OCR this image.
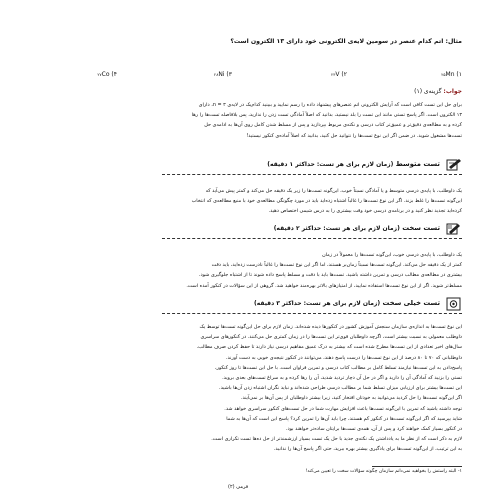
مثال: اتم کدام عنصر در سومین لایه‌ی الکترونی خود دارای ۱۳ الکترون است؟
۲۵Mn (۱
۲۳V (۲
۲۸Ni (۳
۲۷Co (۴
جواب: گزینه‌ی (۱)
برای حل این تست کافی است که آرایش الکترونی اتم عنصرهای پیشنهاد داده را رسم نمایید و ببینید کدام‌یک در لایه‌ی ۳ = n، دارای
۱۳ الکترون است. اگر پاسخ تستی مانند این تست را بلد نیستید، بدانید که اصلاً آمادگی تست زدن را ندارید، پس بلافاصله تست‌ها را رها
کرده و به مطالعه‌ی دقیق‌تر و عمیق‌تر کتاب درسی و نکته‌ی مربوط بپردازید و پس از مسلط شدن کامل روی آن‌ها به ادامه‌ی حل
تست‌ها مشغول شوید. در ضمن اگر این نوع تست‌ها را نتوانید حل کنید، بدانید که اصلاً آماده‌ی کنکور نیستید!
تست متوسط (زمان لازم برای هر تست: حداکثر ۱ دقیقه)
یک داوطلب، با پایه‌ی درسی متوسط و یا آمادگی نسبتاً خوب، این‌گونه تست‌ها را زیر یک دقیقه حل می‌کند و کمتر پیش می‌آید که
این‌گونه تست‌ها را غلط بزند. اگر این نوع تست‌ها را غالباً اشتباه زده‌اید باید در مورد چگونگی مطالعه‌ی خود با منبع مطالعه‌ی که انتخاب
کرده‌اید تجدید نظر کنید و در برنامه‌ی درسی خود وقت بیشتری را به درس شیمی اختصاص دهید.
تست سخت (زمان لازم برای هر تست: حداکثر ۲ دقیقه)
یک داوطلب، با پایه‌ی درسی خوب، این‌گونه تست‌ها را معمولاً در زمان
کمتر از یک دقیقه حل می‌کند. این‌گونه تست‌ها نسبتاً زمان‌بر هستند، اما اگر این نوع تست‌ها را غالباً نادرست زده‌اید، باید دقت
بیشتری در مطالعه‌ی مطالب درسی و تمرین داشته باشید. تست‌ها باید با دقت و مسلط پاسخ داده شوند تا از اشتباه جلوگیری شود.
مسلط‌تر شوید. اگر از این نوع تست‌ها استفاده نمایید، از امتیازهای بالاتر بهره‌مند خواهید شد. گروهی از این سؤالات در کنکور آمده است.
تست خیلی سخت (زمان لازم برای هر تست: حداکثر ۳ دقیقه)
این نوع تست‌ها به اندازه‌ی سازمان سنجش آموزش کشور در کنکورها دیده شده‌اند. زمان لازم برای حل این‌گونه تست‌ها توسط یک
داوطلب معمولی به نسبت بیشتر است، اگرچه داوطلبان قوی‌تر این تست‌ها را در زمان کمتری حل می‌کنند. در کنکورهای سراسری
سال‌های اخیر تعدادی از این تست‌ها مطرح شده است که بیشتر به درک عمیق مفاهیم درسی نیاز دارند تا حفظ کردن صرف مطالب.
داوطلبانی که ۷۰ تا ۸۰ درصد از این نوع تست‌ها را درست پاسخ دهند، می‌توانند در کنکور نتیجه‌ی خوبی به دست آورند.
پاسخ‌دادن به این تست‌ها نیازمند تسلط کامل بر مطالب کتاب درسی و تمرین فراوان است. با حل این تست‌ها تا روز کنکور،
تستی را بزنید که آمادگی آن را دارید و اگر در حل آن دچار تردید شدید، آن را رها کرده و به سراغ تست‌های بعدی بروید.
این تست‌ها بیشتر برای ارزیابی میزان تسلط شما بر مطالب درسی طراحی شده‌اند و نباید نگران اشتباه زدن آن‌ها باشید.
اگر این‌گونه تست‌ها را حل کردید می‌توانید به خودتان افتخار کنید، زیرا بیشتر داوطلبان از پس آن‌ها بر نمی‌آیند.
توجه داشته باشید که تمرین با این‌گونه تست‌ها باعث افزایش مهارت شما در حل تست‌های کنکور سراسری خواهد شد.
شاید بپرسید که اگر این‌گونه تست‌ها در کنکور کم هستند، چرا باید آن‌ها را تمرین کرد؟ پاسخ این است که آن‌ها به شما
در کنکور بسیار کمک خواهند کرد و پس از آن، همه‌ی تست‌ها برایتان ساده‌تر خواهند بود.
لازم به ذکر است که از نظر ما به یادداشتن یک نکته‌ی جدید با حل یک تست بسیار ارزشمندتر از حل ده‌ها تست تکراری است.
به این ترتیب، از این‌گونه تست‌ها برای یادگیری بیشتر بهره ببرید، حتی اگر پاسخ آن‌ها را ندانید.
۱- البته راستش را بخواهید نمی‌دانم سازمان چگونه سؤالات سخت را تعیین می‌کند!
فرمی (۲)
